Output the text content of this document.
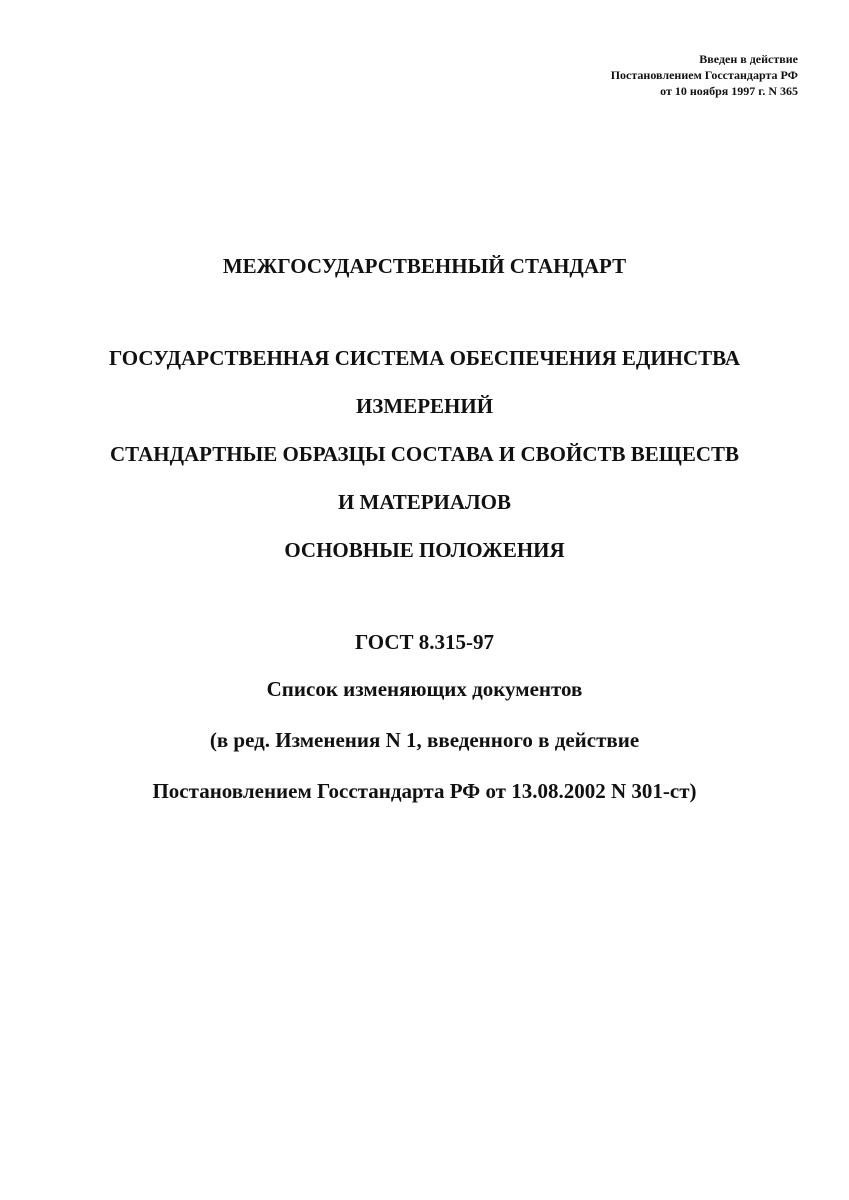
Введен в действие
Постановлением Госстандарта РФ
от 10 ноября 1997 г. N 365
МЕЖГОСУДАРСТВЕННЫЙ СТАНДАРТ
ГОСУДАРСТВЕННАЯ СИСТЕМА ОБЕСПЕЧЕНИЯ ЕДИНСТВА
ИЗМЕРЕНИЙ
СТАНДАРТНЫЕ ОБРАЗЦЫ СОСТАВА И СВОЙСТВ ВЕЩЕСТВ
И МАТЕРИАЛОВ
ОСНОВНЫЕ ПОЛОЖЕНИЯ
ГОСТ 8.315-97
Список изменяющих документов
(в ред. Изменения N 1, введенного в действие
Постановлением Госстандарта РФ от 13.08.2002 N 301-ст)
